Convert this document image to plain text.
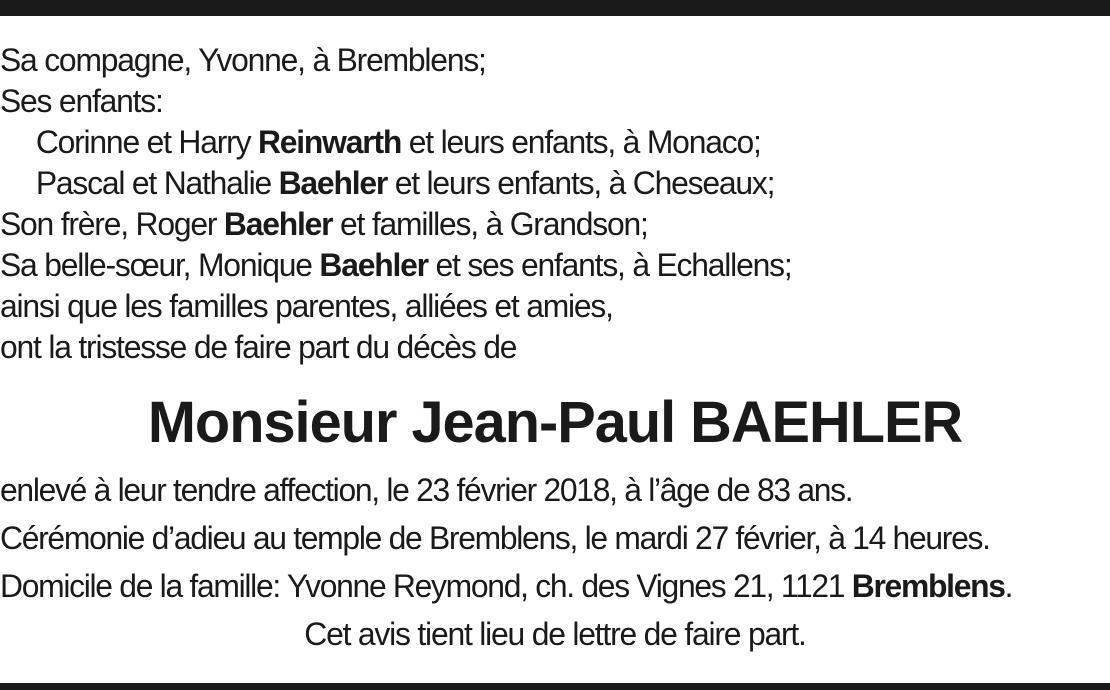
Sa compagne, Yvonne, à Bremblens;
Ses enfants:
Corinne et Harry Reinwarth et leurs enfants, à Monaco;
Pascal et Nathalie Baehler et leurs enfants, à Cheseaux;
Son frère, Roger Baehler et familles, à Grandson;
Sa belle-sœur, Monique Baehler et ses enfants, à Echallens;
ainsi que les familles parentes, alliées et amies,
ont la tristesse de faire part du décès de
Monsieur Jean-Paul BAEHLER
enlevé à leur tendre affection, le 23 février 2018, à l’âge de 83 ans.
Cérémonie d’adieu au temple de Bremblens, le mardi 27 février, à 14 heures.
Domicile de la famille: Yvonne Reymond, ch. des Vignes 21, 1121 Bremblens.
Cet avis tient lieu de lettre de faire part.
